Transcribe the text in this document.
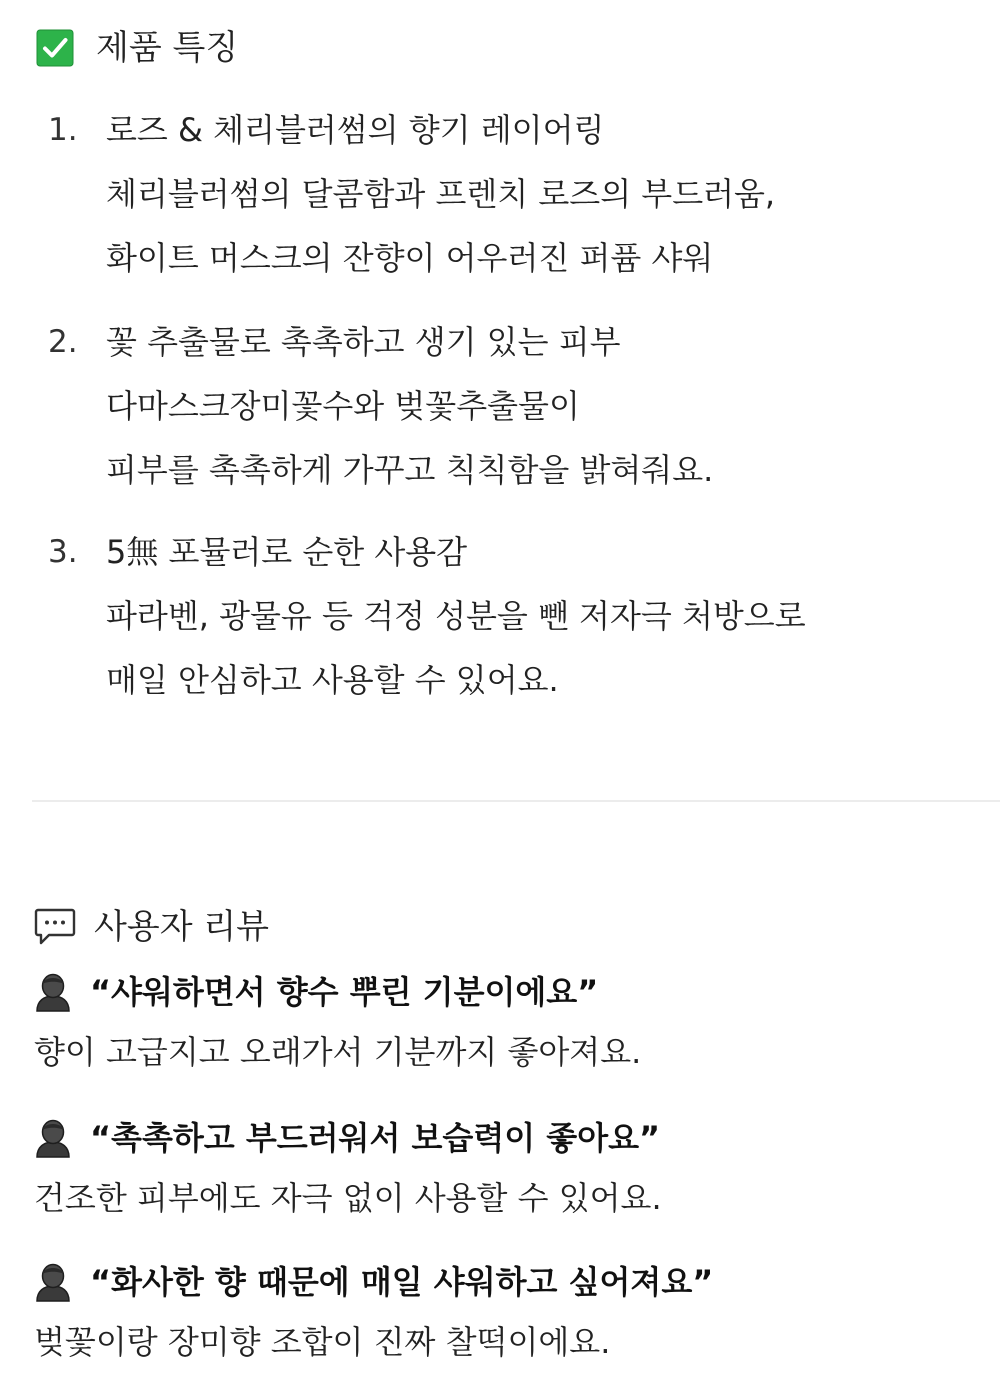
제품 특징
1. 로즈 & 체리블러썸의 향기 레이어링
체리블러썸의 달콤함과 프렌치 로즈의 부드러움,
화이트 머스크의 잔향이 어우러진 퍼퓸 샤워
2. 꽃 추출물로 촉촉하고 생기 있는 피부
다마스크장미꽃수와 벚꽃추출물이
피부를 촉촉하게 가꾸고 칙칙함을 밝혀줘요.
3. 5無 포뮬러로 순한 사용감
파라벤, 광물유 등 걱정 성분을 뺀 저자극 처방으로
매일 안심하고 사용할 수 있어요.
사용자 리뷰
“샤워하면서 향수 뿌린 기분이에요”
향이 고급지고 오래가서 기분까지 좋아져요.
“촉촉하고 부드러워서 보습력이 좋아요”
건조한 피부에도 자극 없이 사용할 수 있어요.
“화사한 향 때문에 매일 샤워하고 싶어져요”
벚꽃이랑 장미향 조합이 진짜 찰떡이에요.
